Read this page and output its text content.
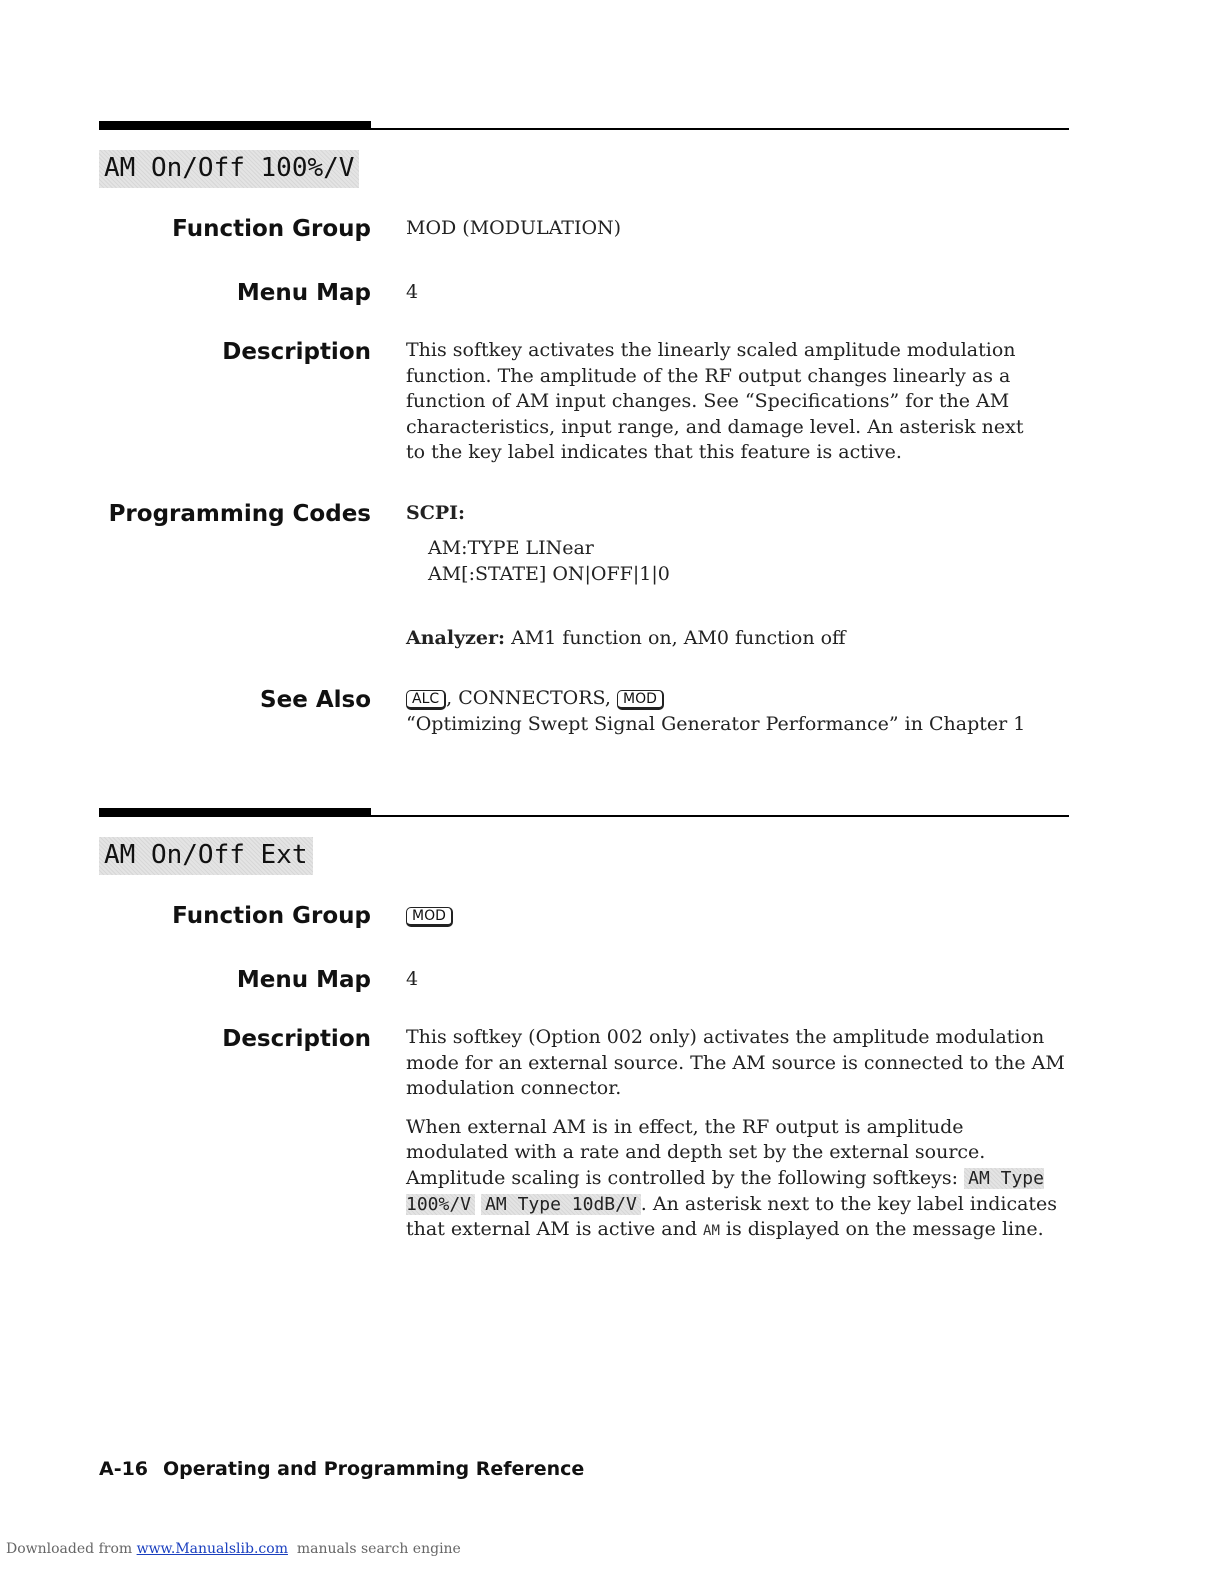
AM On/Off 100%/V
Function Group MOD (MODULATION)
Menu Map 4
Description This softkey activates the linearly scaled amplitude modulation function. The amplitude of the RF output changes linearly as a function of AM input changes. See “Specifications” for the AM characteristics, input range, and damage level. An asterisk next to the key label indicates that this feature is active.
Programming Codes SCPI:
AM:TYPE LINear
AM[:STATE] ON|OFF|1|0
Analyzer: AM1 function on, AM0 function off
See Also	ALC , CONNECTORS, MOD
“Optimizing Swept Signal Generator Performance” in Chapter 1
AM On/Off Ext
Function Group	MOD
Menu Map 4
Description This softkey (Option 002 only) activates the amplitude modulation mode for an external source. The AM source is connected to the AM modulation connector.

When external AM is in effect, the RF output is amplitude modulated with a rate and depth set by the external source. Amplitude scaling is controlled by the following softkeys: AM Type 100%/V AM Type 10dB/V . An asterisk next to the key label indicates that external AM is active and AM is displayed on the message line.

A-16 Operating and Programming Reference
Downloaded from www.Manualslib.com  manuals search engine
